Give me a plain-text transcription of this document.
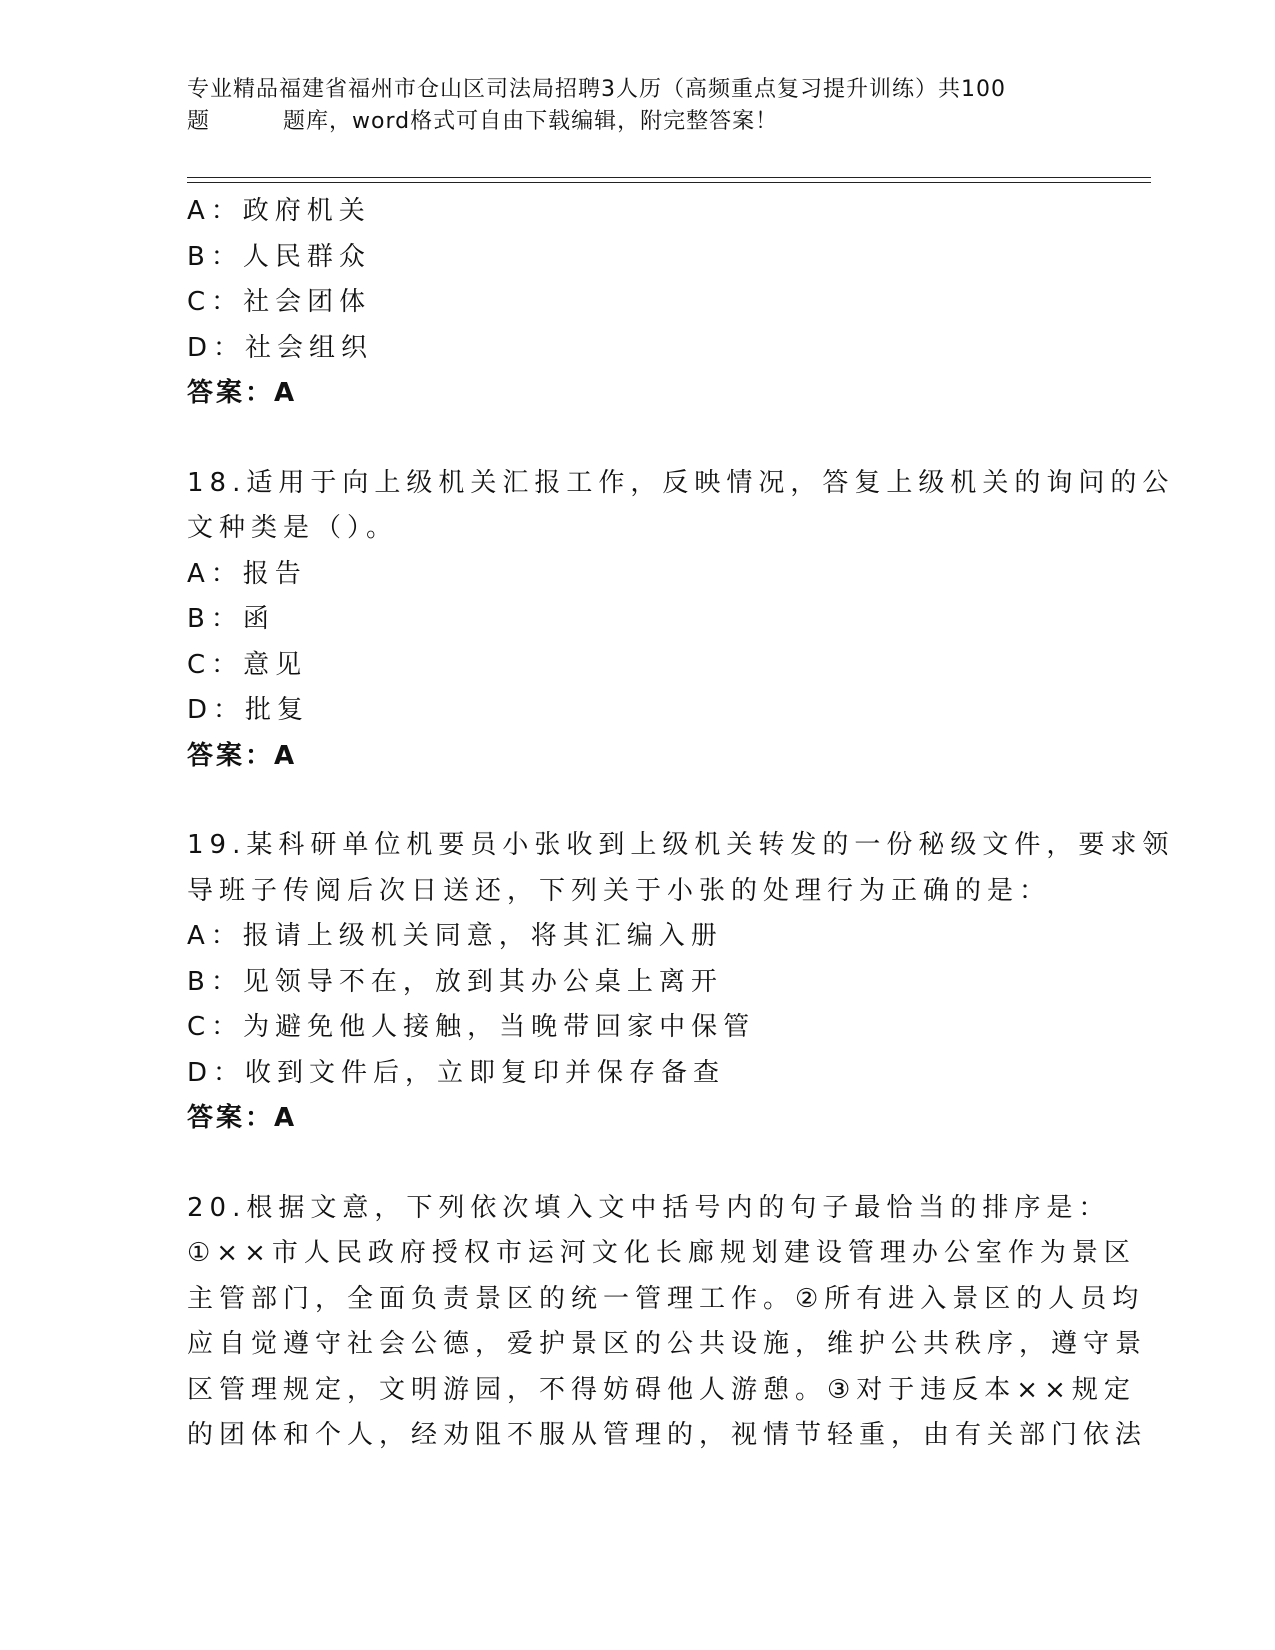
专业精品福建省福州市仓山区司法局招聘3人历（高频重点复习提升训练）共100
题	题库，word格式可自由下载编辑，附完整答案！
A：政府机关
B：人民群众
C：社会团体
D：社会组织
答案：A
18.适用于向上级机关汇报工作，反映情况，答复上级机关的询问的公
文种类是（）。
A：报告
B：函
C：意见
D：批复
答案：A
19.某科研单位机要员小张收到上级机关转发的一份秘级文件，要求领
导班子传阅后次日送还，下列关于小张的处理行为正确的是：
A：报请上级机关同意，将其汇编入册
B：见领导不在，放到其办公桌上离开
C：为避免他人接触，当晚带回家中保管
D：收到文件后，立即复印并保存备查
答案：A
20.根据文意，下列依次填入文中括号内的句子最恰当的排序是：
①××市人民政府授权市运河文化长廊规划建设管理办公室作为景区
主管部门，全面负责景区的统一管理工作。②所有进入景区的人员均
应自觉遵守社会公德，爱护景区的公共设施，维护公共秩序，遵守景
区管理规定，文明游园，不得妨碍他人游憩。③对于违反本××规定
的团体和个人，经劝阻不服从管理的，视情节轻重，由有关部门依法
